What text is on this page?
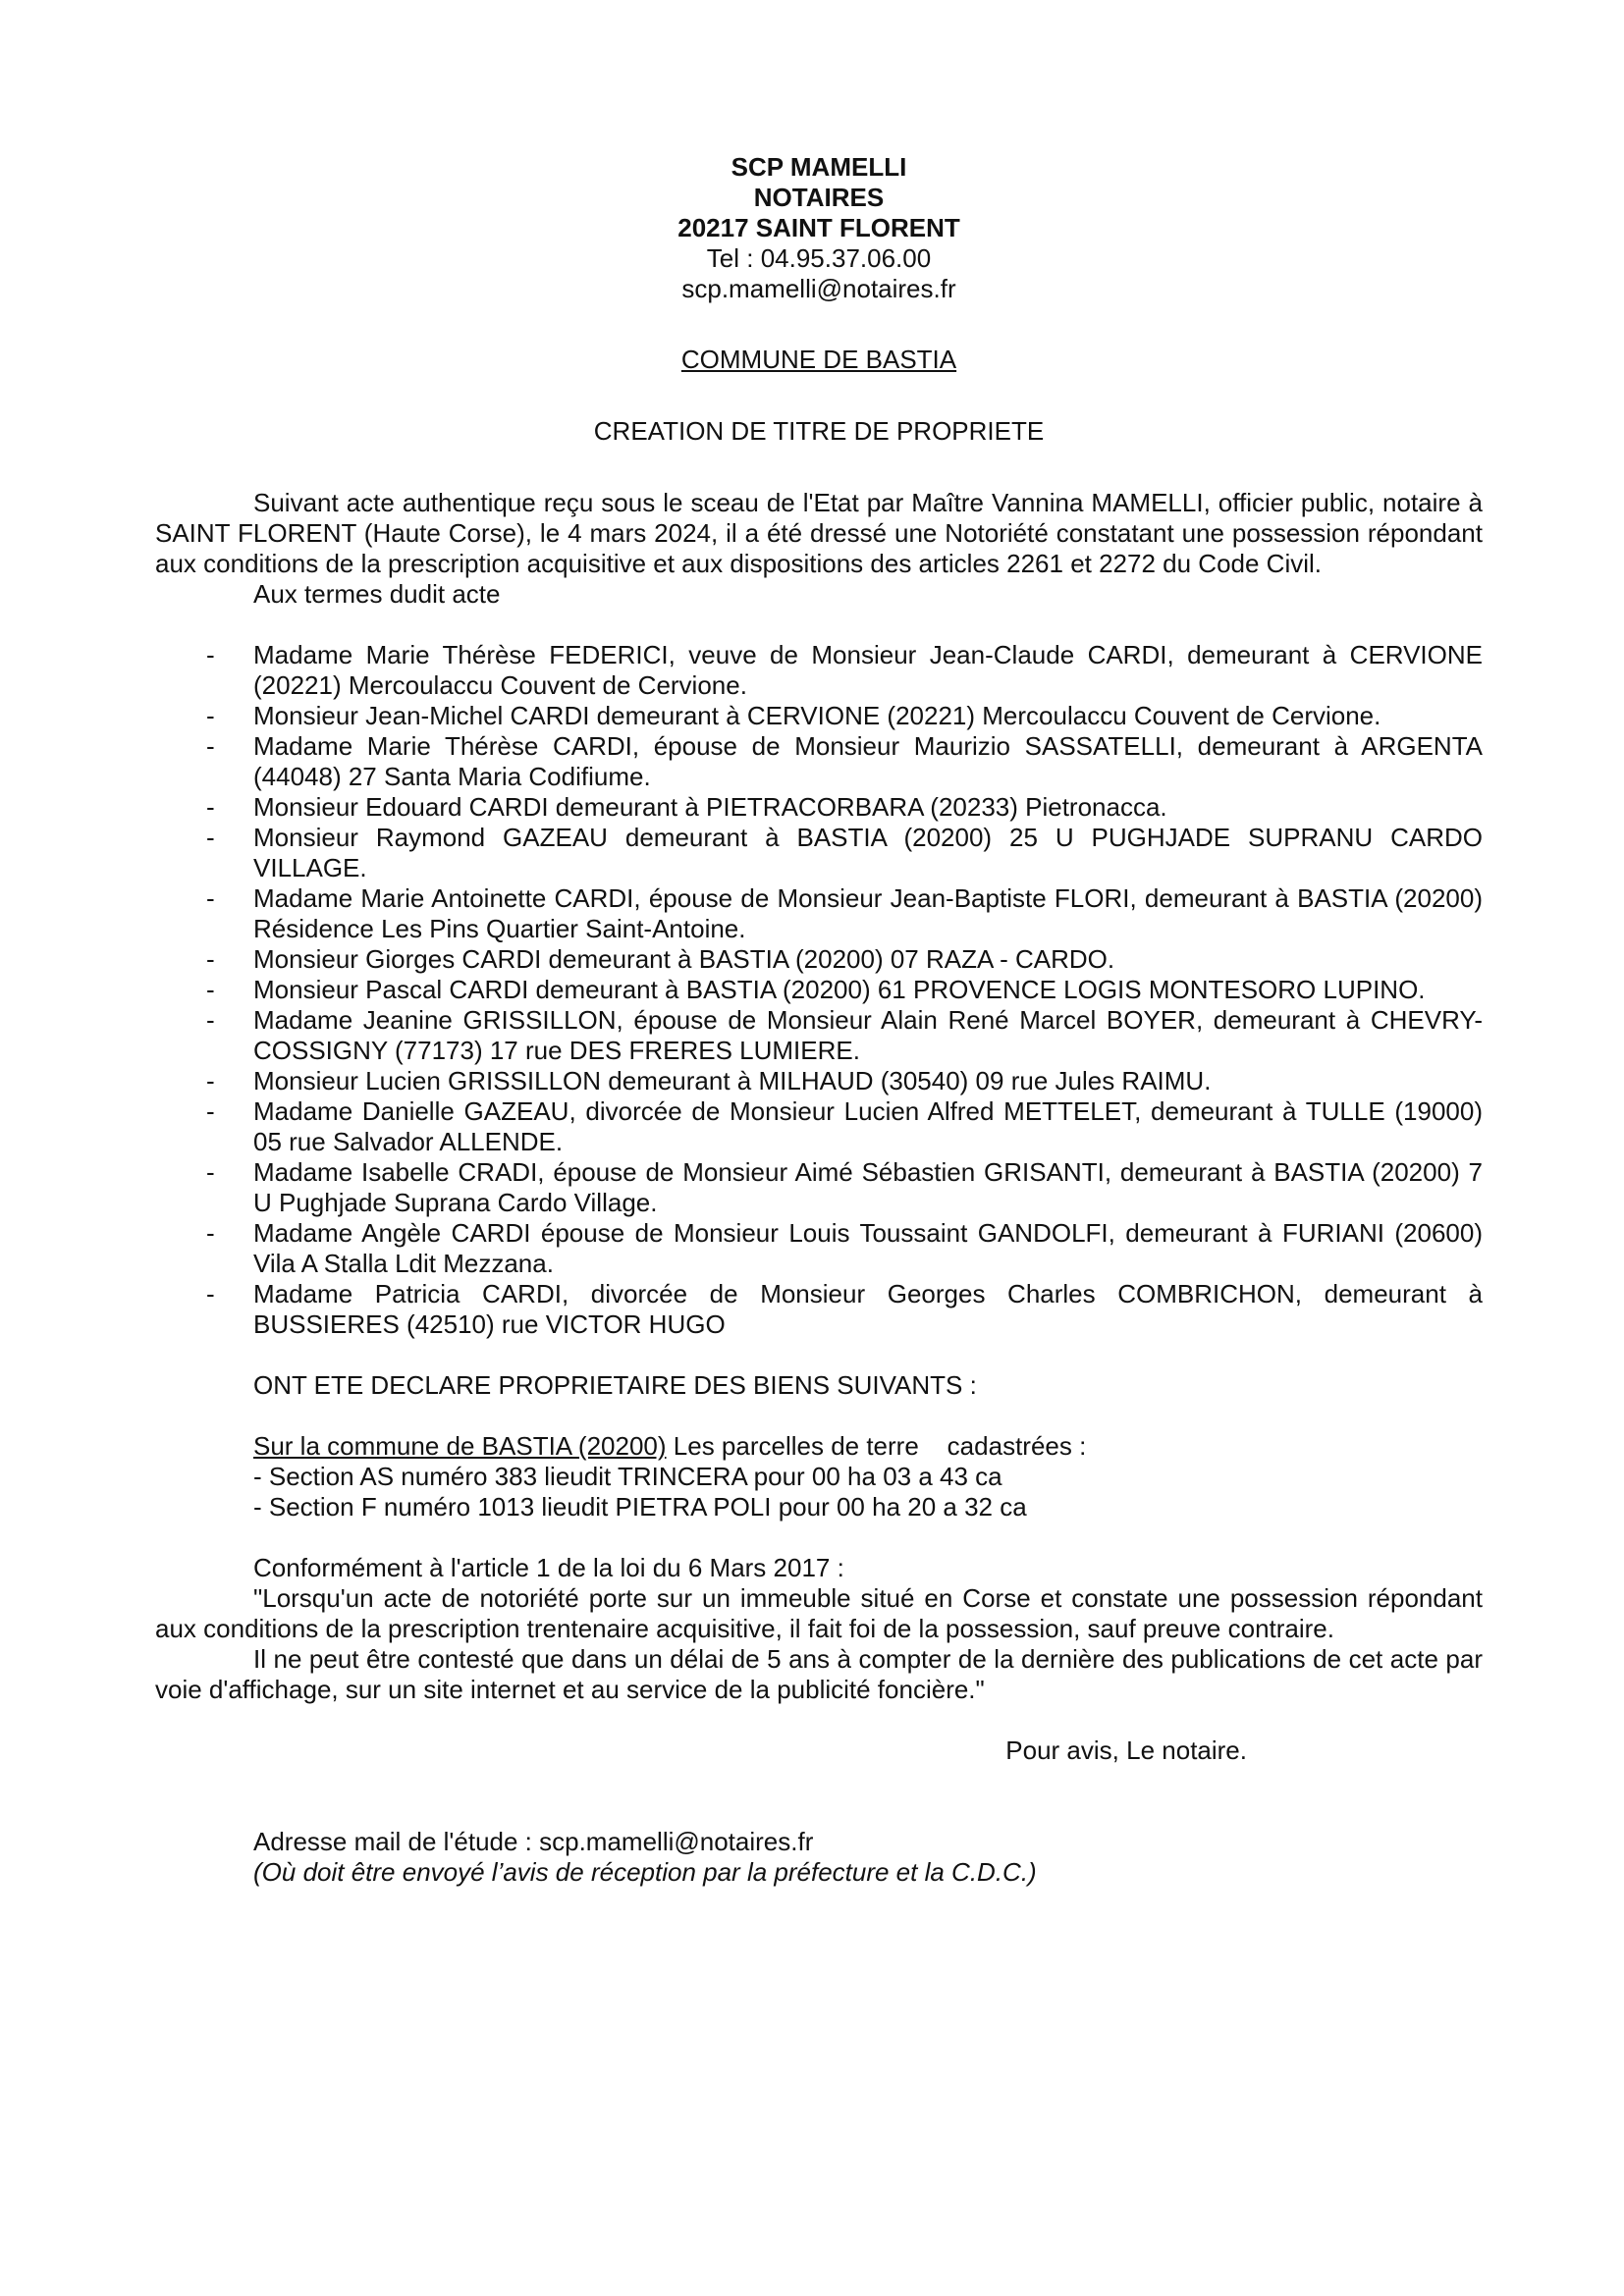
SCP MAMELLI
NOTAIRES
20217 SAINT FLORENT
Tel : 04.95.37.06.00
scp.mamelli@notaires.fr
COMMUNE DE BASTIA
CREATION DE TITRE DE PROPRIETE
Suivant acte authentique reçu sous le sceau de l'Etat par Maître Vannina MAMELLI, officier public, notaire à SAINT FLORENT (Haute Corse), le 4 mars 2024, il a été dressé une Notoriété constatant une possession répondant aux conditions de la prescription acquisitive et aux dispositions des articles 2261 et 2272 du Code Civil.
Aux termes dudit acte
- Madame Marie Thérèse FEDERICI, veuve de Monsieur Jean-Claude CARDI, demeurant à CERVIONE (20221) Mercoulaccu Couvent de Cervione.
- Monsieur Jean-Michel CARDI demeurant à CERVIONE (20221) Mercoulaccu Couvent de Cervione.
- Madame Marie Thérèse CARDI, épouse de Monsieur Maurizio SASSATELLI, demeurant à ARGENTA (44048) 27 Santa Maria Codifiume.
- Monsieur Edouard CARDI demeurant à PIETRACORBARA (20233) Pietronacca.
- Monsieur Raymond GAZEAU demeurant à BASTIA (20200) 25 U PUGHJADE SUPRANU CARDO VILLAGE.
- Madame Marie Antoinette CARDI, épouse de Monsieur Jean-Baptiste FLORI, demeurant à BASTIA (20200) Résidence Les Pins Quartier Saint-Antoine.
- Monsieur Giorges CARDI demeurant à BASTIA (20200) 07 RAZA - CARDO.
- Monsieur Pascal CARDI demeurant à BASTIA (20200) 61 PROVENCE LOGIS MONTESORO LUPINO.
- Madame Jeanine GRISSILLON, épouse de Monsieur Alain René Marcel BOYER, demeurant à CHEVRY-COSSIGNY (77173) 17 rue DES FRERES LUMIERE.
- Monsieur Lucien GRISSILLON demeurant à MILHAUD (30540) 09 rue Jules RAIMU.
- Madame Danielle GAZEAU, divorcée de Monsieur Lucien Alfred METTELET, demeurant à TULLE (19000) 05 rue Salvador ALLENDE.
- Madame Isabelle CRADI, épouse de Monsieur Aimé Sébastien GRISANTI, demeurant à BASTIA (20200) 7 U Pughjade Suprana Cardo Village.
- Madame Angèle CARDI épouse de Monsieur Louis Toussaint GANDOLFI, demeurant à FURIANI (20600) Vila A Stalla Ldit Mezzana.
- Madame Patricia CARDI, divorcée de Monsieur Georges Charles COMBRICHON, demeurant à BUSSIERES (42510) rue VICTOR HUGO
ONT ETE DECLARE PROPRIETAIRE DES BIENS SUIVANTS :
Sur la commune de BASTIA (20200) Les parcelles de terre    cadastrées :
- Section AS numéro 383 lieudit TRINCERA pour 00 ha 03 a 43 ca
- Section F numéro 1013 lieudit PIETRA POLI pour 00 ha 20 a 32 ca
Conformément à l'article 1 de la loi du 6 Mars 2017 :
"Lorsqu'un acte de notoriété porte sur un immeuble situé en Corse et constate une possession répondant aux conditions de la prescription trentenaire acquisitive, il fait foi de la possession, sauf preuve contraire.
Il ne peut être contesté que dans un délai de 5 ans à compter de la dernière des publications de cet acte par voie d'affichage, sur un site internet et au service de la publicité foncière."
Pour avis, Le notaire.
Adresse mail de l'étude : scp.mamelli@notaires.fr
(Où doit être envoyé l’avis de réception par la préfecture et la C.D.C.)
